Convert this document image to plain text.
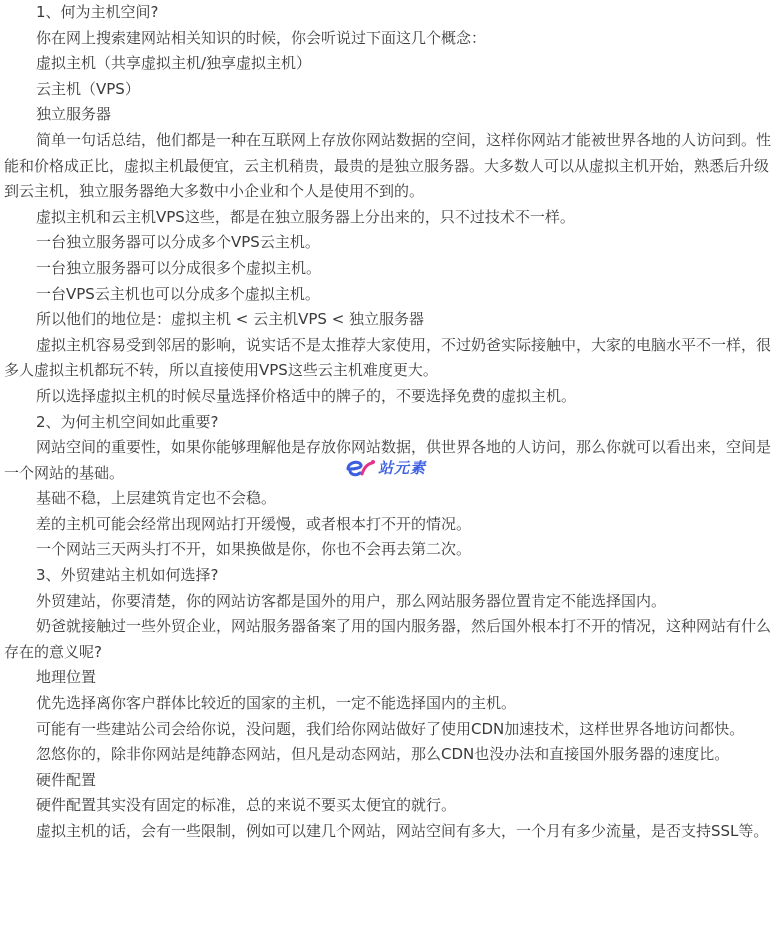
1、何为主机空间?

你在网上搜索建网站相关知识的时候，你会听说过下面这几个概念：

虚拟主机（共享虚拟主机/独享虚拟主机）

云主机（VPS）

独立服务器

简单一句话总结，他们都是一种在互联网上存放你网站数据的空间，这样你网站才能被世界各地的人访问到。性能和价格成正比，虚拟主机最便宜，云主机稍贵，最贵的是独立服务器。大多数人可以从虚拟主机开始，熟悉后升级到云主机，独立服务器绝大多数中小企业和个人是使用不到的。

虚拟主机和云主机VPS这些，都是在独立服务器上分出来的，只不过技术不一样。

一台独立服务器可以分成多个VPS云主机。

一台独立服务器可以分成很多个虚拟主机。

一台VPS云主机也可以分成多个虚拟主机。

所以他们的地位是：虚拟主机 < 云主机VPS < 独立服务器

虚拟主机容易受到邻居的影响，说实话不是太推荐大家使用，不过奶爸实际接触中，大家的电脑水平不一样，很多人虚拟主机都玩不转，所以直接使用VPS这些云主机难度更大。

所以选择虚拟主机的时候尽量选择价格适中的牌子的，不要选择免费的虚拟主机。

2、为何主机空间如此重要?

网站空间的重要性，如果你能够理解他是存放你网站数据，供世界各地的人访问，那么你就可以看出来，空间是一个网站的基础。

基础不稳，上层建筑肯定也不会稳。

差的主机可能会经常出现网站打开缓慢，或者根本打不开的情况。

一个网站三天两头打不开，如果换做是你，你也不会再去第二次。

3、外贸建站主机如何选择?

外贸建站，你要清楚，你的网站访客都是国外的用户，那么网站服务器位置肯定不能选择国内。

奶爸就接触过一些外贸企业，网站服务器备案了用的国内服务器，然后国外根本打不开的情况，这种网站有什么存在的意义呢?

地理位置

优先选择离你客户群体比较近的国家的主机，一定不能选择国内的主机。

可能有一些建站公司会给你说，没问题，我们给你网站做好了使用CDN加速技术，这样世界各地访问都快。

忽悠你的，除非你网站是纯静态网站，但凡是动态网站，那么CDN也没办法和直接国外服务器的速度比。

硬件配置

硬件配置其实没有固定的标准，总的来说不要买太便宜的就行。

虚拟主机的话，会有一些限制，例如可以建几个网站，网站空间有多大，一个月有多少流量，是否支持SSL等。

站元素
